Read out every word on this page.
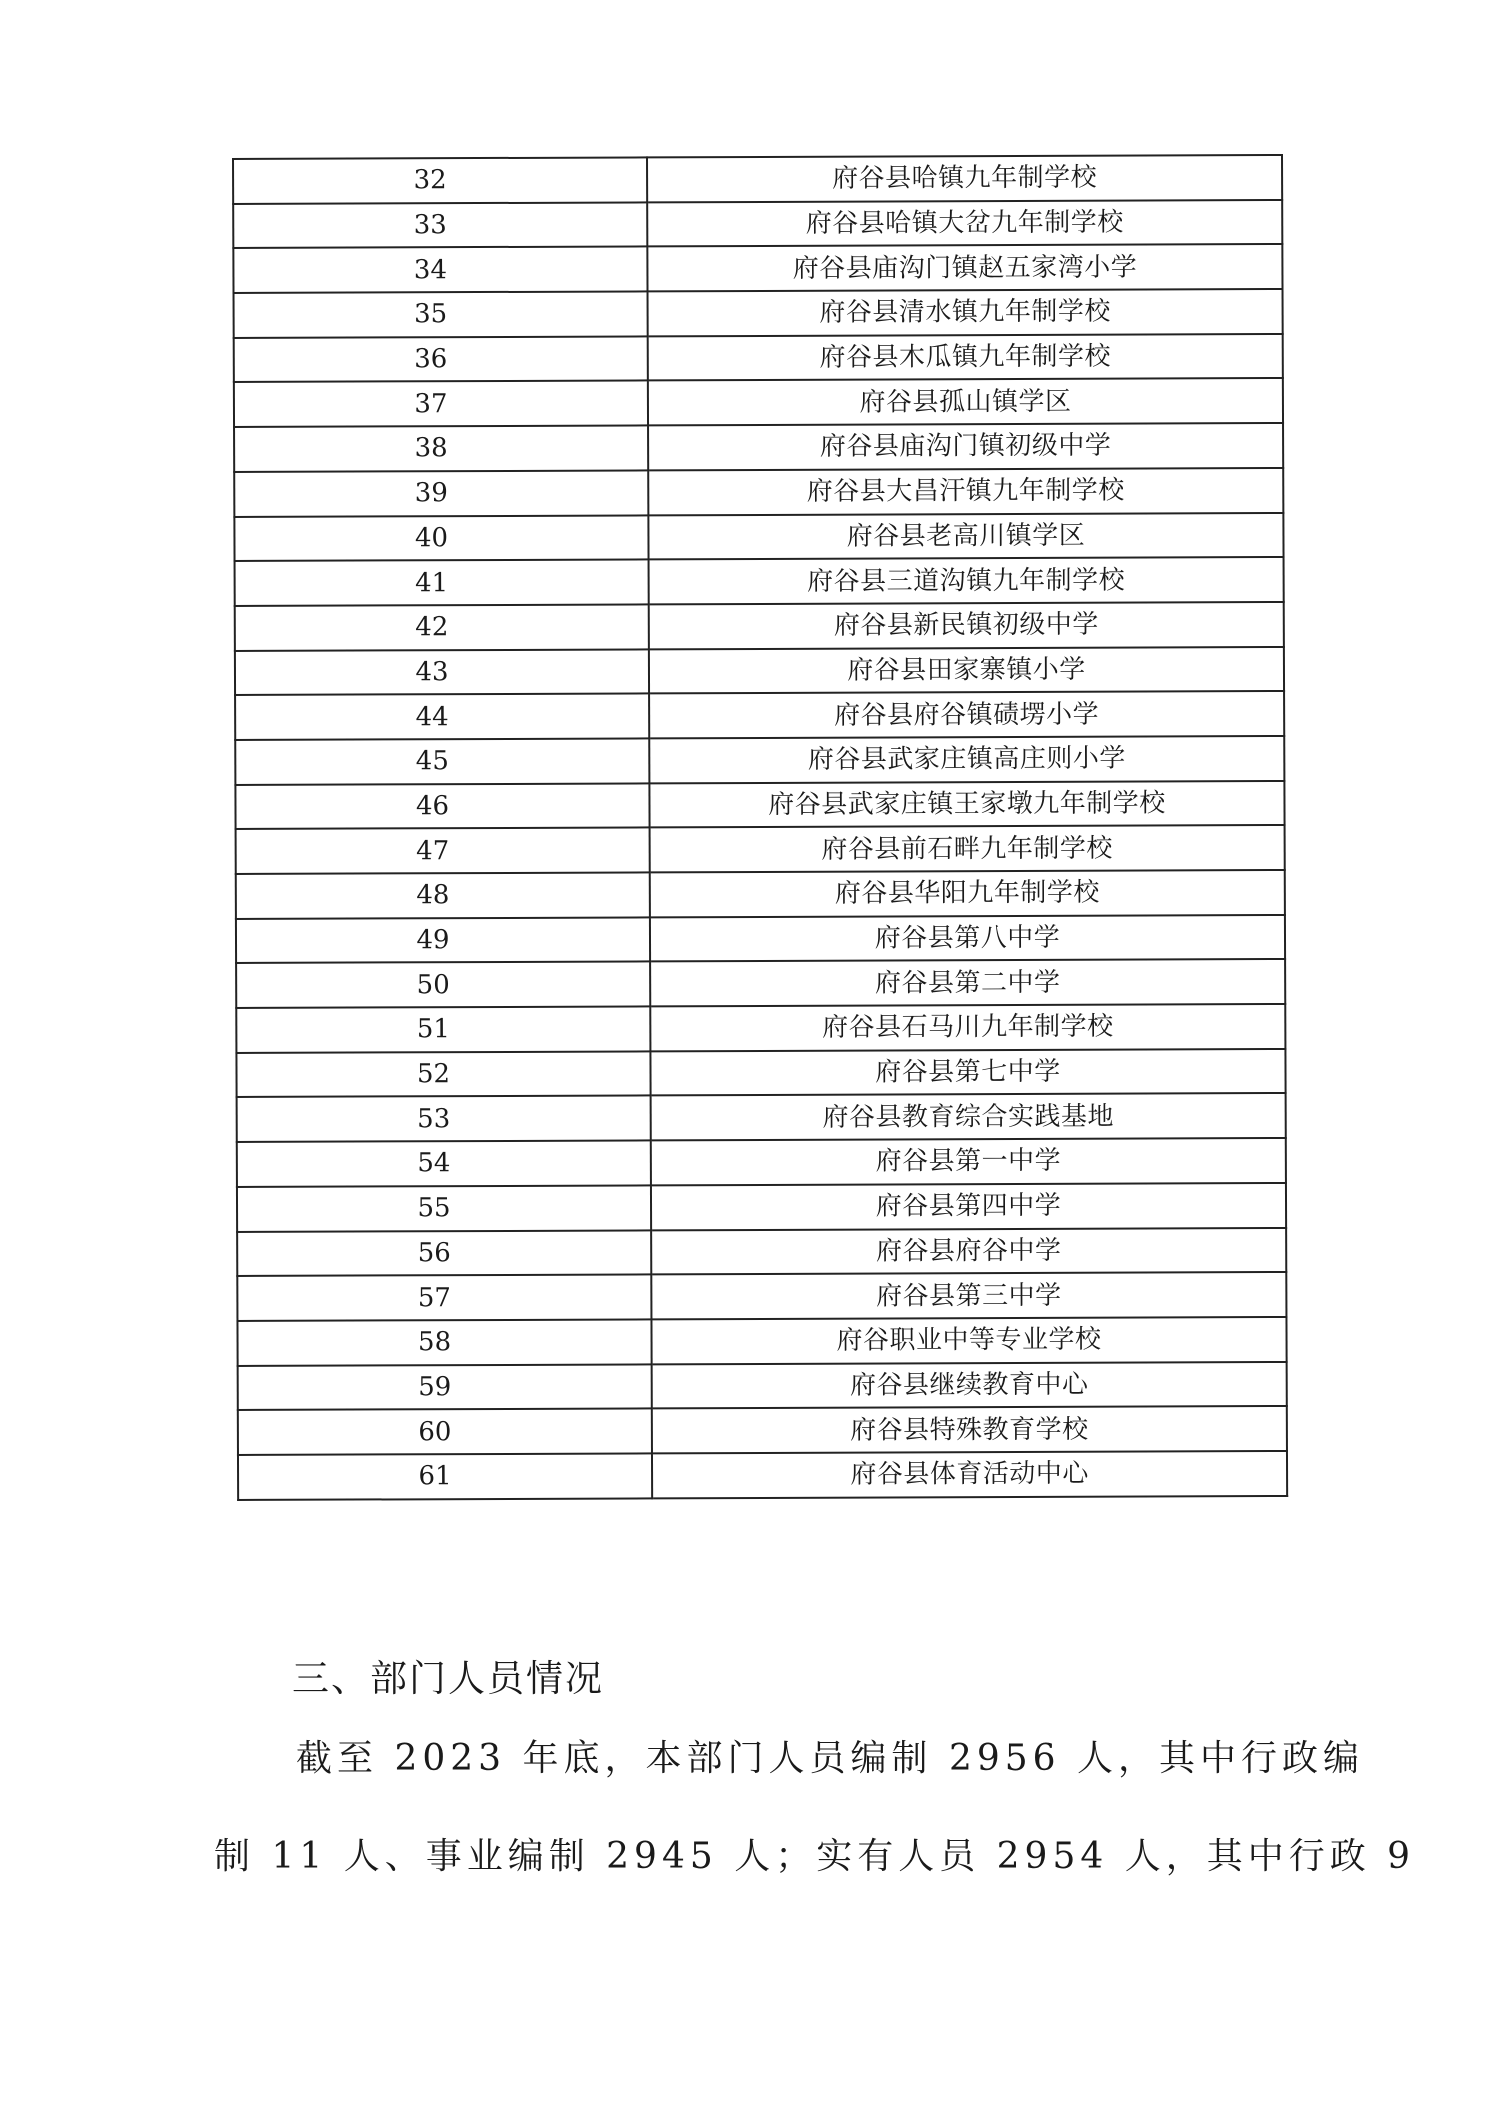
32	府谷县哈镇九年制学校
33	府谷县哈镇大岔九年制学校
34	府谷县庙沟门镇赵五家湾小学
35	府谷县清水镇九年制学校
36	府谷县木瓜镇九年制学校
37	府谷县孤山镇学区
38	府谷县庙沟门镇初级中学
39	府谷县大昌汗镇九年制学校
40	府谷县老高川镇学区
41	府谷县三道沟镇九年制学校
42	府谷县新民镇初级中学
43	府谷县田家寨镇小学
44	府谷县府谷镇碛塄小学
45	府谷县武家庄镇高庄则小学
46	府谷县武家庄镇王家墩九年制学校
47	府谷县前石畔九年制学校
48	府谷县华阳九年制学校
49	府谷县第八中学
50	府谷县第二中学
51	府谷县石马川九年制学校
52	府谷县第七中学
53	府谷县教育综合实践基地
54	府谷县第一中学
55	府谷县第四中学
56	府谷县府谷中学
57	府谷县第三中学
58	府谷职业中等专业学校
59	府谷县继续教育中心
60	府谷县特殊教育学校
61	府谷县体育活动中心
三、部门人员情况

截至 2023 年底，本部门人员编制 2956 人，其中行政编

制 11 人、事业编制 2945 人；实有人员 2954 人，其中行政 9
